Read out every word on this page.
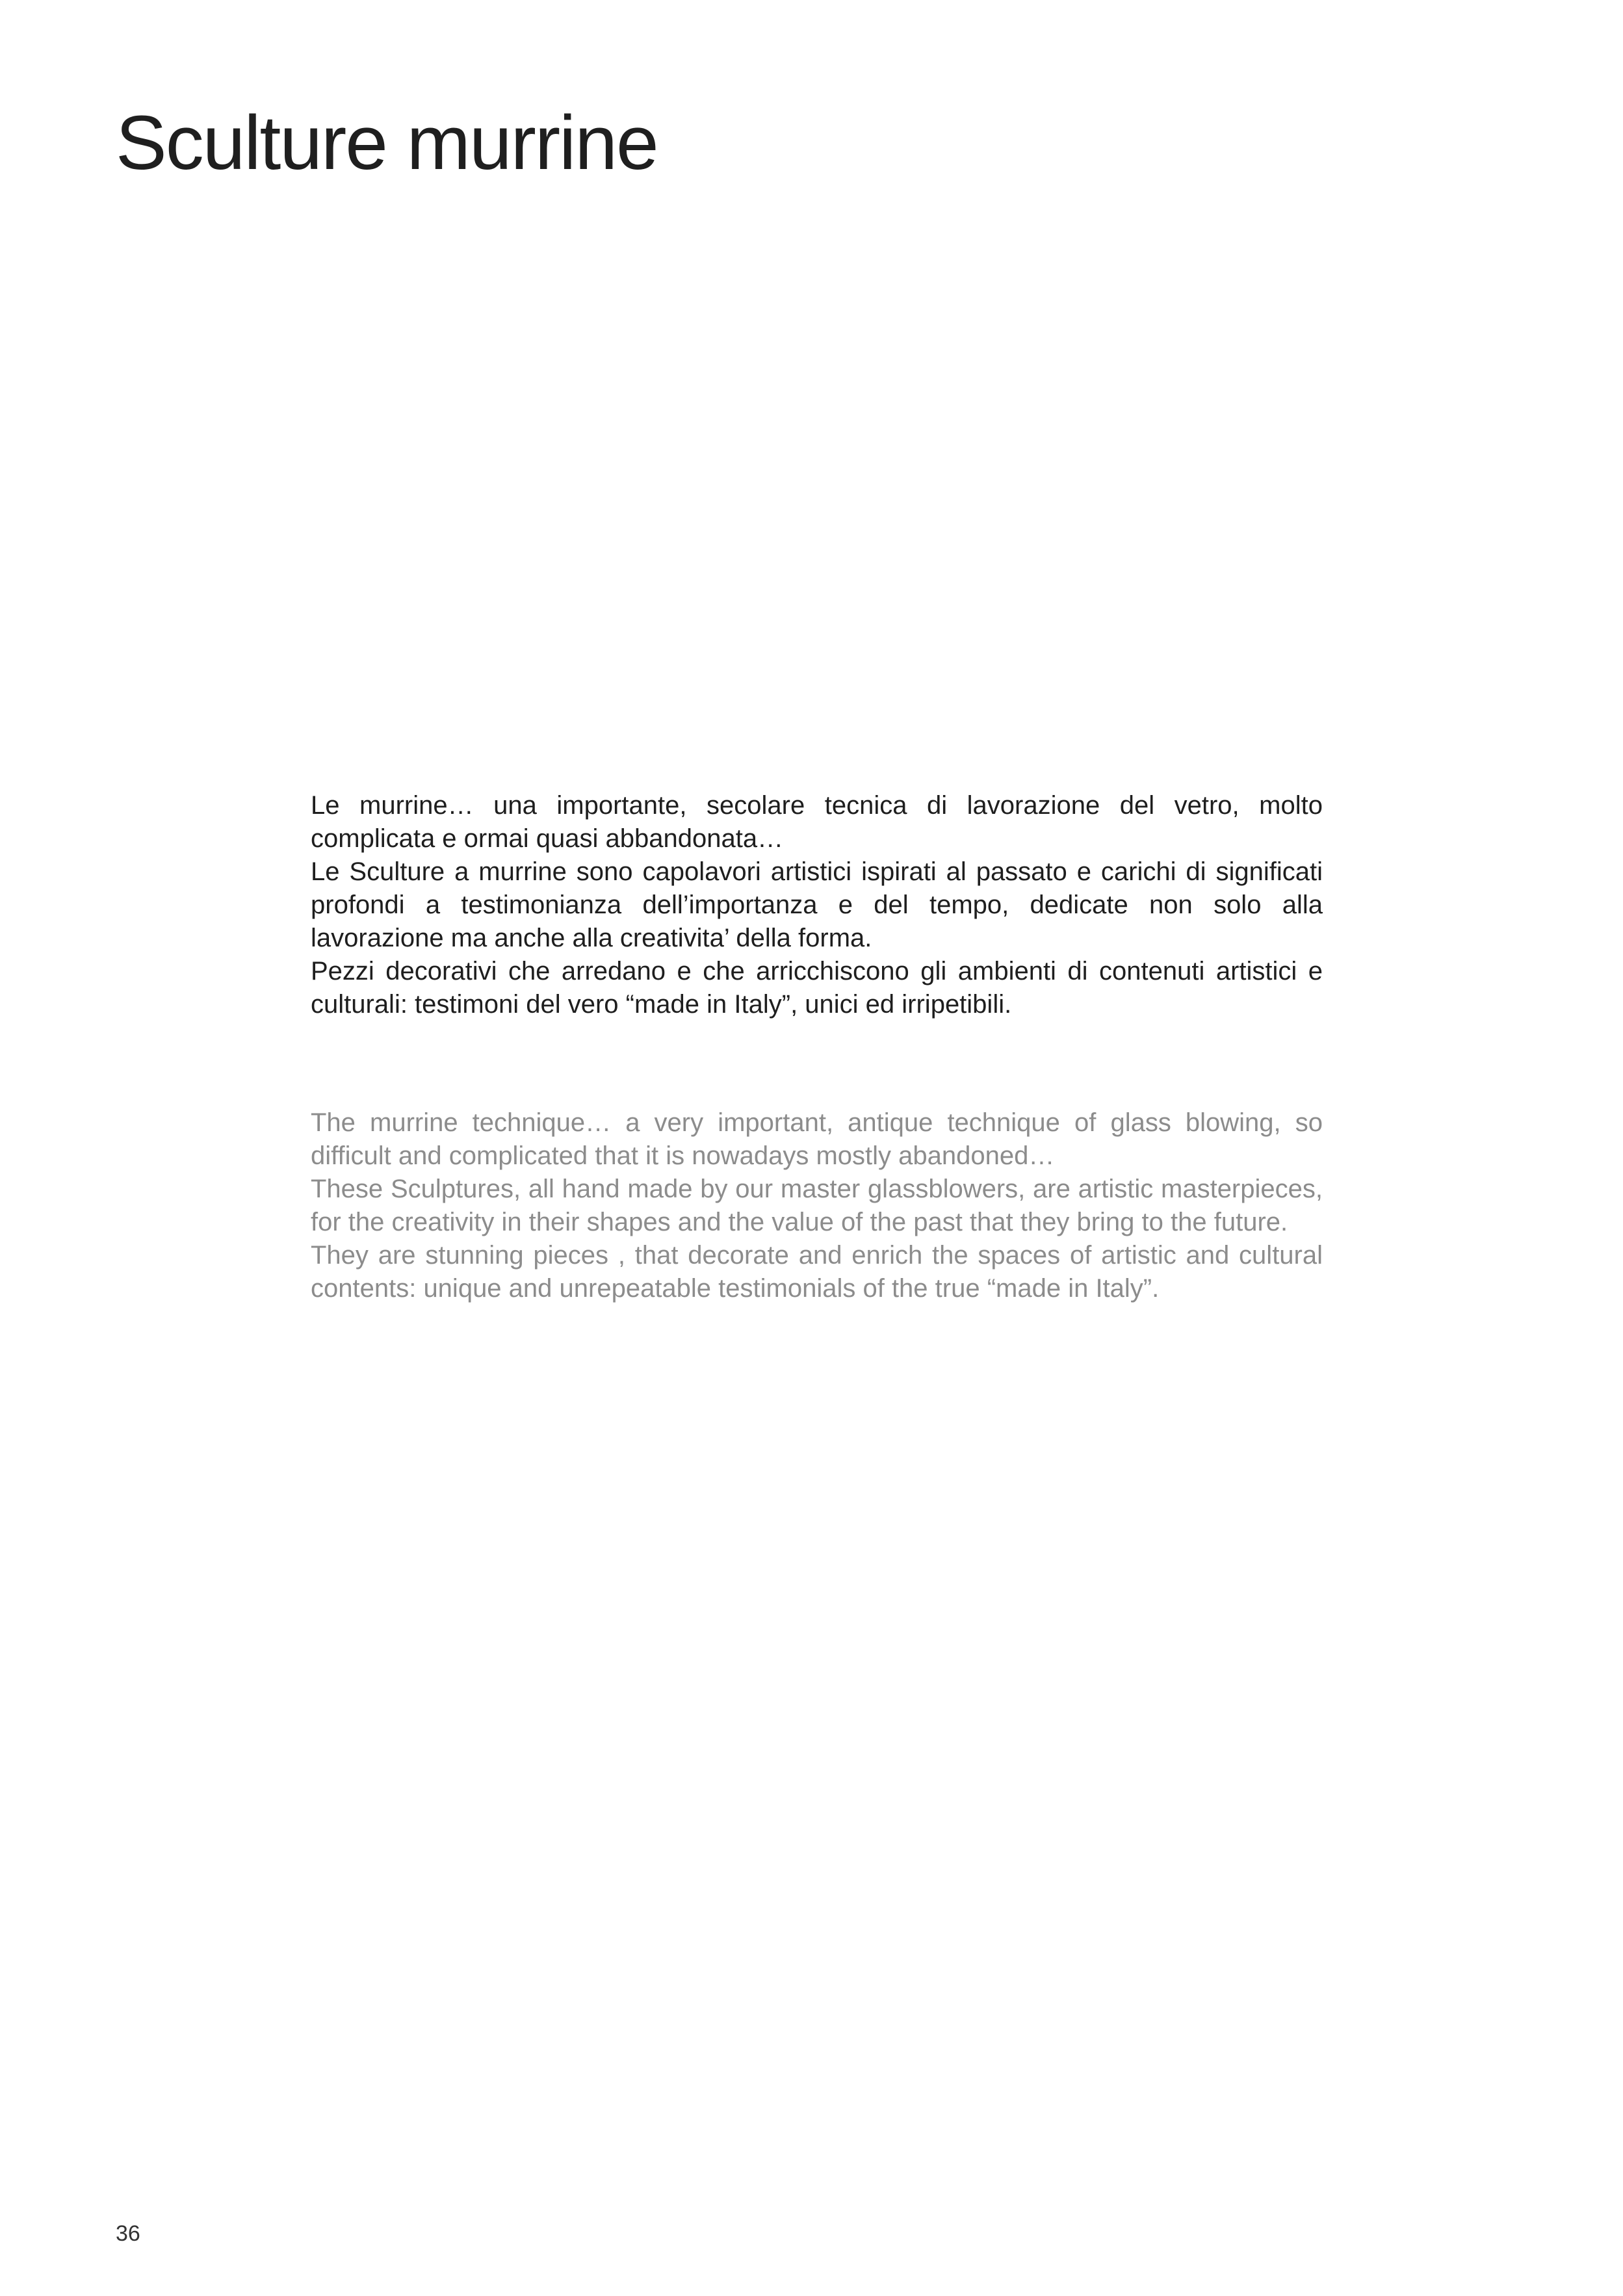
Sculture murrine

Le murrine… una importante, secolare tecnica di lavorazione del vetro, molto complicata e ormai quasi abbandonata…

Le Sculture a murrine sono capolavori artistici ispirati al passato e carichi di significati profondi a testimonianza dell’importanza e del tempo, dedicate non solo alla lavorazione ma anche alla creativita’ della forma.

Pezzi decorativi che arredano e che arricchiscono gli ambienti di contenuti artistici e culturali: testimoni del vero “made in Italy”, unici ed irripetibili.

The murrine technique… a very important, antique technique of glass blowing, so difficult and complicated that it is nowadays mostly abandoned…

These Sculptures, all hand made by our master glassblowers, are artistic masterpieces, for the creativity in their shapes and the value of the past that they bring to the future.

They are stunning pieces , that decorate and enrich the spaces of artistic and cultural contents: unique and unrepeatable testimonials of the true “made in Italy”.

36
